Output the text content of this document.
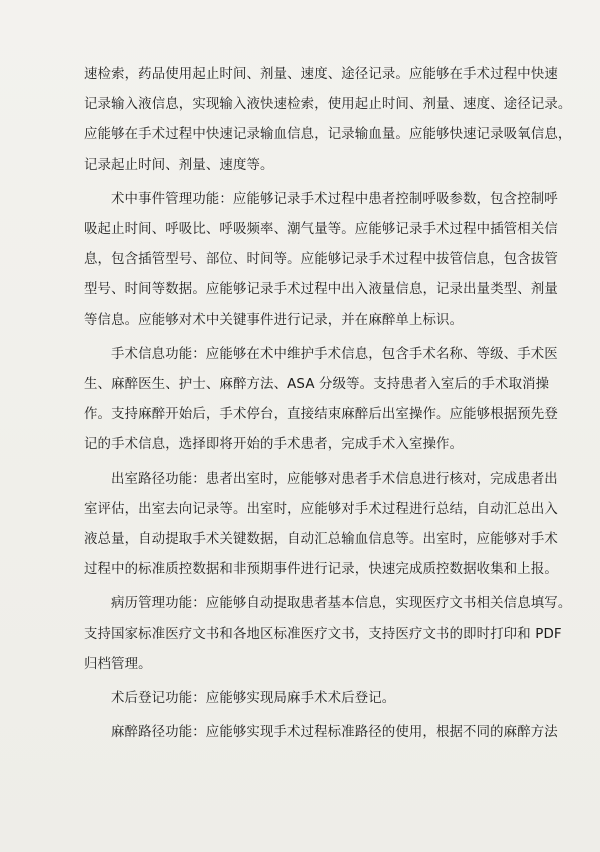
速检索，药品使用起止时间、剂量、速度、途径记录。应能够在手术过程中快速
记录输入液信息，实现输入液快速检索，使用起止时间、剂量、速度、途径记录。
应能够在手术过程中快速记录输血信息，记录输血量。应能够快速记录吸氧信息，
记录起止时间、剂量、速度等。

术中事件管理功能：应能够记录手术过程中患者控制呼吸参数，包含控制呼
吸起止时间、呼吸比、呼吸频率、潮气量等。应能够记录手术过程中插管相关信
息，包含插管型号、部位、时间等。应能够记录手术过程中拔管信息，包含拔管
型号、时间等数据。应能够记录手术过程中出入液量信息，记录出量类型、剂量
等信息。应能够对术中关键事件进行记录，并在麻醉单上标识。

手术信息功能：应能够在术中维护手术信息，包含手术名称、等级、手术医
生、麻醉医生、护士、麻醉方法、ASA 分级等。支持患者入室后的手术取消操
作。支持麻醉开始后，手术停台，直接结束麻醉后出室操作。应能够根据预先登
记的手术信息，选择即将开始的手术患者，完成手术入室操作。

出室路径功能：患者出室时，应能够对患者手术信息进行核对，完成患者出
室评估，出室去向记录等。出室时，应能够对手术过程进行总结，自动汇总出入
液总量，自动提取手术关键数据，自动汇总输血信息等。出室时，应能够对手术
过程中的标准质控数据和非预期事件进行记录，快速完成质控数据收集和上报。

病历管理功能：应能够自动提取患者基本信息，实现医疗文书相关信息填写。
支持国家标准医疗文书和各地区标准医疗文书，支持医疗文书的即时打印和 PDF
归档管理。

术后登记功能：应能够实现局麻手术术后登记。

麻醉路径功能：应能够实现手术过程标准路径的使用，根据不同的麻醉方法
